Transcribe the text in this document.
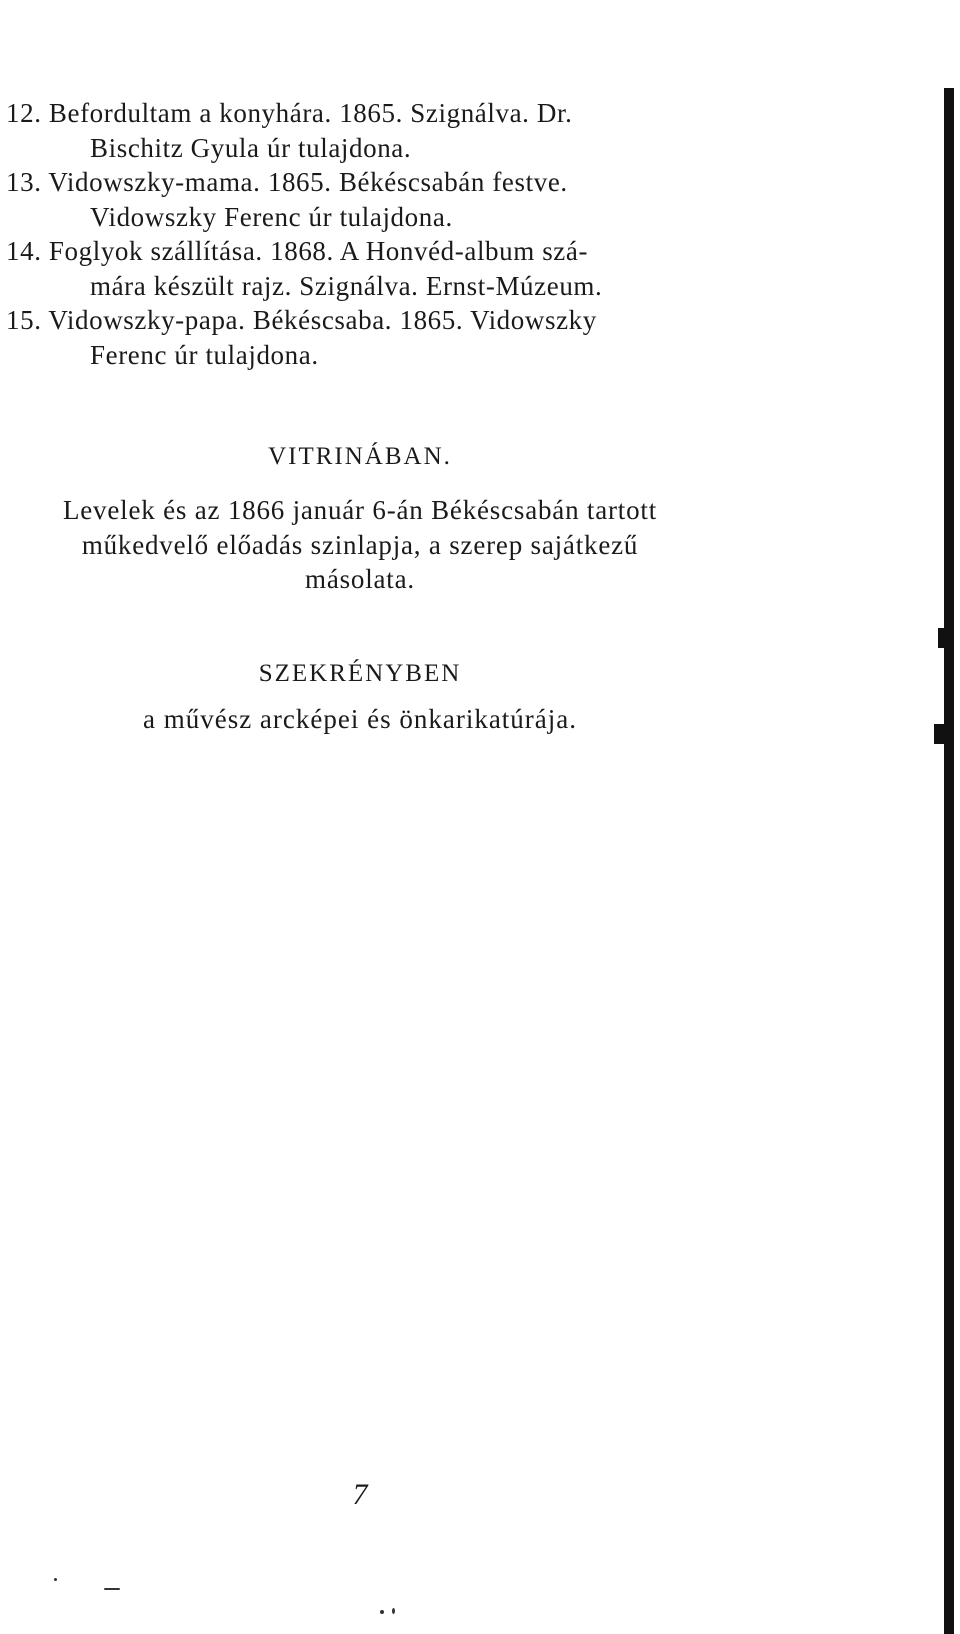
12. Befordultam a konyhára. 1865. Szignálva. Dr.
Bischitz Gyula úr tulajdona.
13. Vidowszky-mama. 1865. Békéscsabán festve.
Vidowszky Ferenc úr tulajdona.
14. Foglyok szállítása. 1868. A Honvéd-album szá-
mára készült rajz. Szignálva. Ernst-Múzeum.
15. Vidowszky-papa. Békéscsaba. 1865. Vidowszky
Ferenc úr tulajdona.
VITRINÁBAN.
Levelek és az 1866 január 6-án Békéscsabán tartott
műkedvelő előadás szinlapja, a szerep sajátkezű
másolata.
SZEKRÉNYBEN
a művész arcképei és önkarikatúrája.
7
